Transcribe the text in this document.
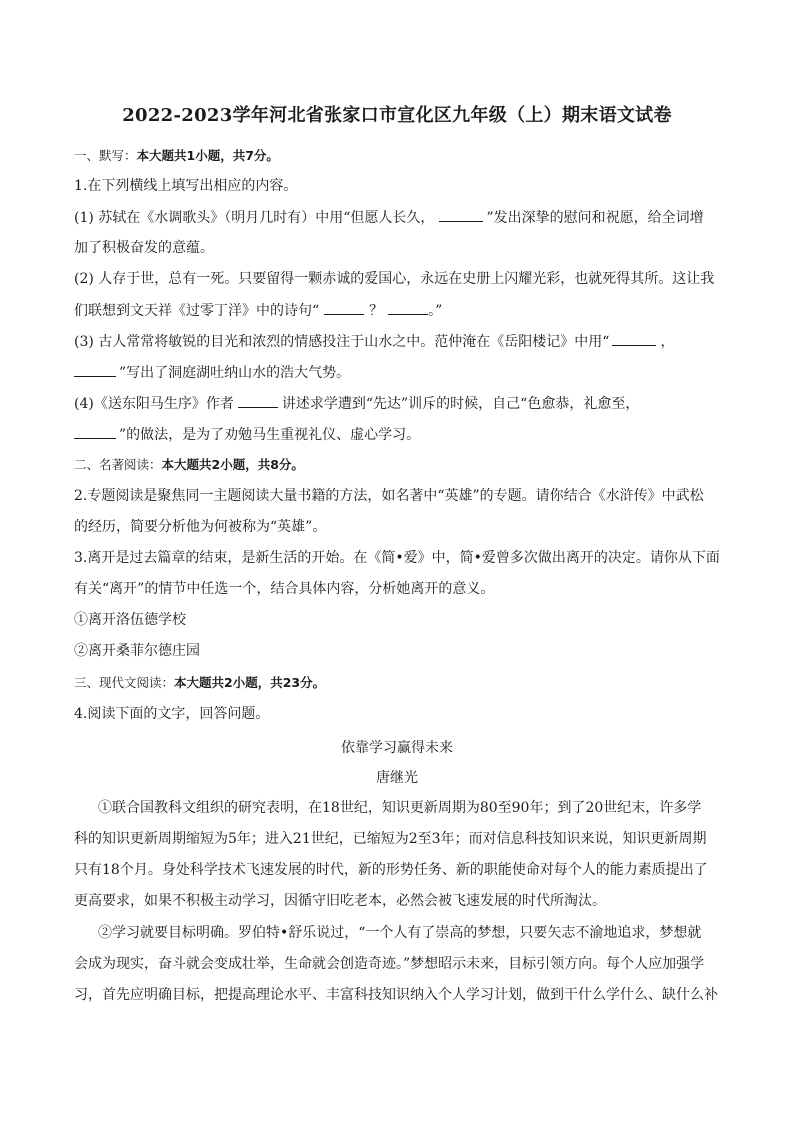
2022-2023学年河北省张家口市宣化区九年级（上）期末语文试卷
一、默写：本大题共1小题，共7分。
1.在下列横线上填写出相应的内容。
(1) 苏轼在《水调歌头》（明月几时有）中用“但愿人长久，	”发出深挚的慰问和祝愿，给全词增
加了积极奋发的意蕴。
(2) 人存于世，总有一死。只要留得一颗赤诚的爱国心，永远在史册上闪耀光彩，也就死得其所。这让我
们联想到文天祥《过零丁洋》中的诗句“	？	。”
(3) 古人常常将敏锐的目光和浓烈的情感投注于山水之中。范仲淹在《岳阳楼记》中用“	，
”写出了洞庭湖吐纳山水的浩大气势。
(4)《送东阳马生序》作者	讲述求学遭到“先达”训斥的时候，自己“色愈恭，礼愈至，
”的做法，是为了劝勉马生重视礼仪、虚心学习。
二、名著阅读：本大题共2小题，共8分。
2.专题阅读是聚焦同一主题阅读大量书籍的方法，如名著中“英雄”的专题。请你结合《水浒传》中武松
的经历，简要分析他为何被称为“英雄”。
3.离开是过去篇章的结束，是新生活的开始。在《简•爱》中，简•爱曾多次做出离开的决定。请你从下面
有关“离开”的情节中任选一个，结合具体内容，分析她离开的意义。
①离开洛伍德学校
②离开桑菲尔德庄园
三、现代文阅读：本大题共2小题，共23分。
4.阅读下面的文字，回答问题。
依靠学习赢得未来
唐继光
①联合国教科文组织的研究表明，在18世纪，知识更新周期为80至90年；到了20世纪末，许多学
科的知识更新周期缩短为5年；进入21世纪，已缩短为2至3年；而对信息科技知识来说，知识更新周期
只有18个月。身处科学技术飞速发展的时代，新的形势任务、新的职能使命对每个人的能力素质提出了
更高要求，如果不积极主动学习，因循守旧吃老本，必然会被飞速发展的时代所淘汰。
②学习就要目标明确。罗伯特•舒乐说过，“一个人有了崇高的梦想，只要矢志不渝地追求，梦想就
会成为现实，奋斗就会变成壮举，生命就会创造奇迹。”梦想昭示未来，目标引领方向。每个人应加强学
习，首先应明确目标，把提高理论水平、丰富科技知识纳入个人学习计划，做到干什么学什么、缺什么补
